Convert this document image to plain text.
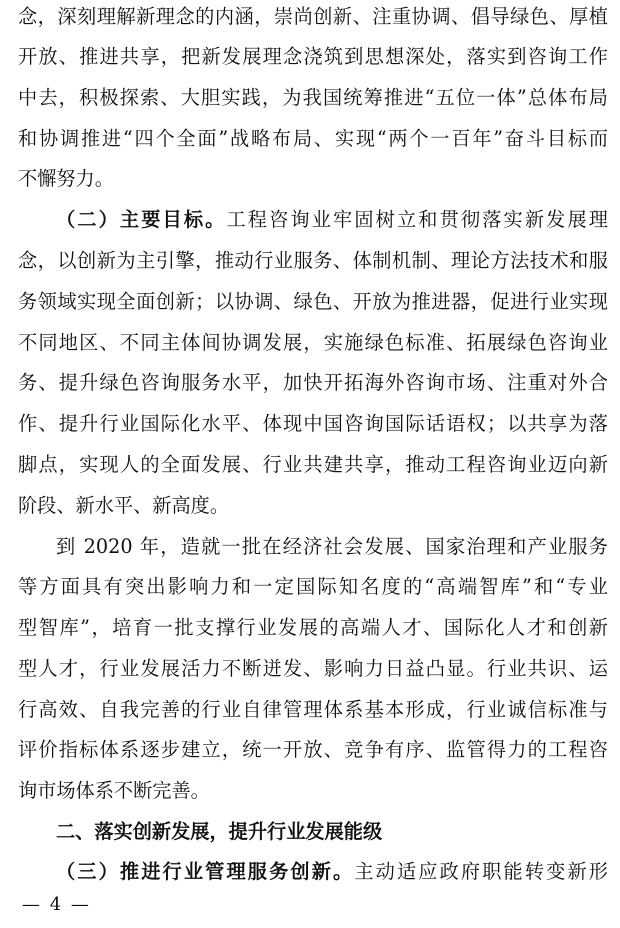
念，深刻理解新理念的内涵，崇尚创新、注重协调、倡导绿色、厚植
开放、推进共享，把新发展理念浇筑到思想深处，落实到咨询工作
中去，积极探索、大胆实践，为我国统筹推进“五位一体”总体布局
和协调推进“四个全面”战略布局、实现“两个一百年”奋斗目标而
不懈努力。
（二）主要目标。工程咨询业牢固树立和贯彻落实新发展理
念，以创新为主引擎，推动行业服务、体制机制、理论方法技术和服
务领域实现全面创新；以协调、绿色、开放为推进器，促进行业实现
不同地区、不同主体间协调发展，实施绿色标准、拓展绿色咨询业
务、提升绿色咨询服务水平，加快开拓海外咨询市场、注重对外合
作、提升行业国际化水平、体现中国咨询国际话语权；以共享为落
脚点，实现人的全面发展、行业共建共享，推动工程咨询业迈向新
阶段、新水平、新高度。
到 2020 年，造就一批在经济社会发展、国家治理和产业服务
等方面具有突出影响力和一定国际知名度的“高端智库”和“专业
型智库”，培育一批支撑行业发展的高端人才、国际化人才和创新
型人才，行业发展活力不断迸发、影响力日益凸显。行业共识、运
行高效、自我完善的行业自律管理体系基本形成，行业诚信标准与
评价指标体系逐步建立，统一开放、竞争有序、监管得力的工程咨
询市场体系不断完善。
二、落实创新发展，提升行业发展能级
（三）推进行业管理服务创新。主动适应政府职能转变新形
— 4 —
